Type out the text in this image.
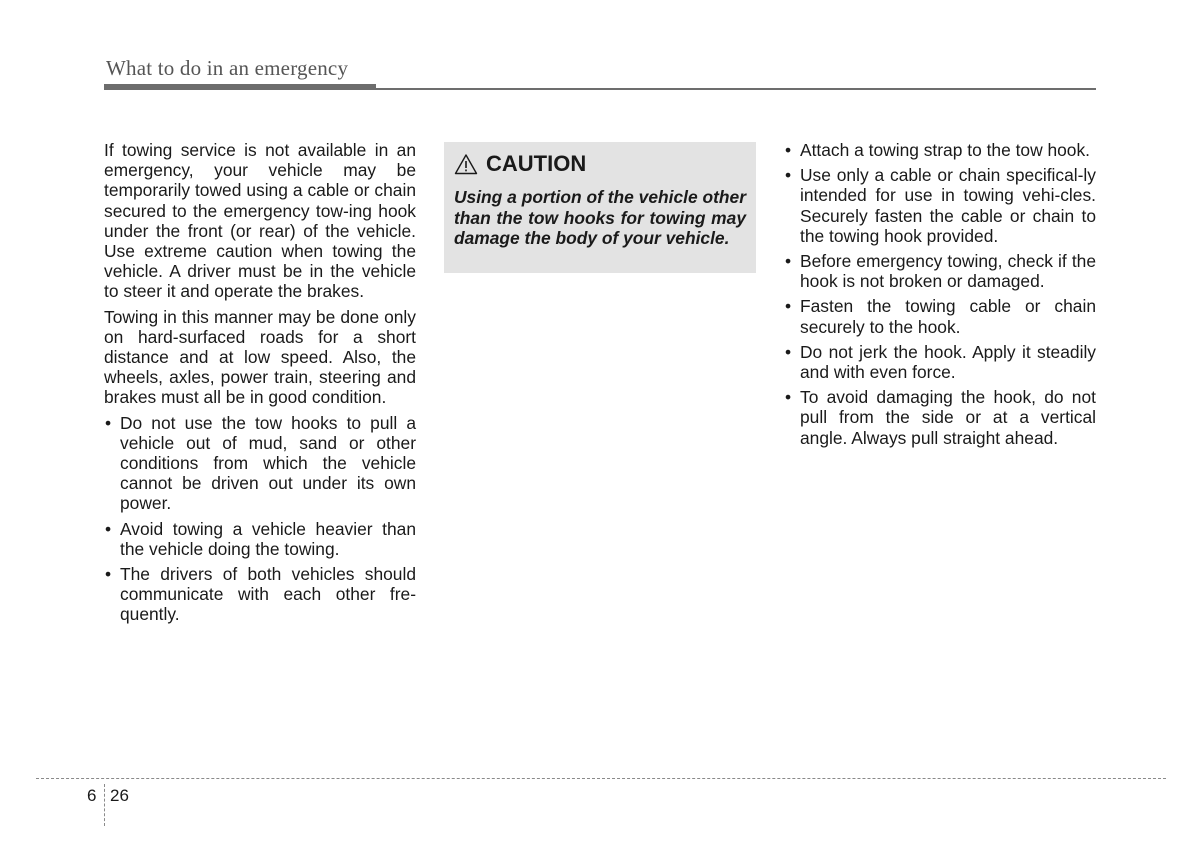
What to do in an emergency

If towing service is not available in an emergency, your vehicle may be temporarily towed using a cable or chain secured to the emergency tow-ing hook under the front (or rear) of the vehicle. Use extreme caution when towing the vehicle. A driver must be in the vehicle to steer it and operate the brakes.

Towing in this manner may be done only on hard-surfaced roads for a short distance and at low speed. Also, the wheels, axles, power train, steering and brakes must all be in good condition.

• Do not use the tow hooks to pull a vehicle out of mud, sand or other conditions from which the vehicle cannot be driven out under its own power.
• Avoid towing a vehicle heavier than the vehicle doing the towing.
• The drivers of both vehicles should communicate with each other fre-quently.
CAUTION
Using a portion of the vehicle other than the tow hooks for towing may damage the body of your vehicle.
• Attach a towing strap to the tow hook.
• Use only a cable or chain specifical-ly intended for use in towing vehi-cles. Securely fasten the cable or chain to the towing hook provided.
• Before emergency towing, check if the hook is not broken or damaged.
• Fasten the towing cable or chain securely to the hook.
• Do not jerk the hook. Apply it steadily and with even force.
• To avoid damaging the hook, do not pull from the side or at a vertical angle. Always pull straight ahead.
6 26
